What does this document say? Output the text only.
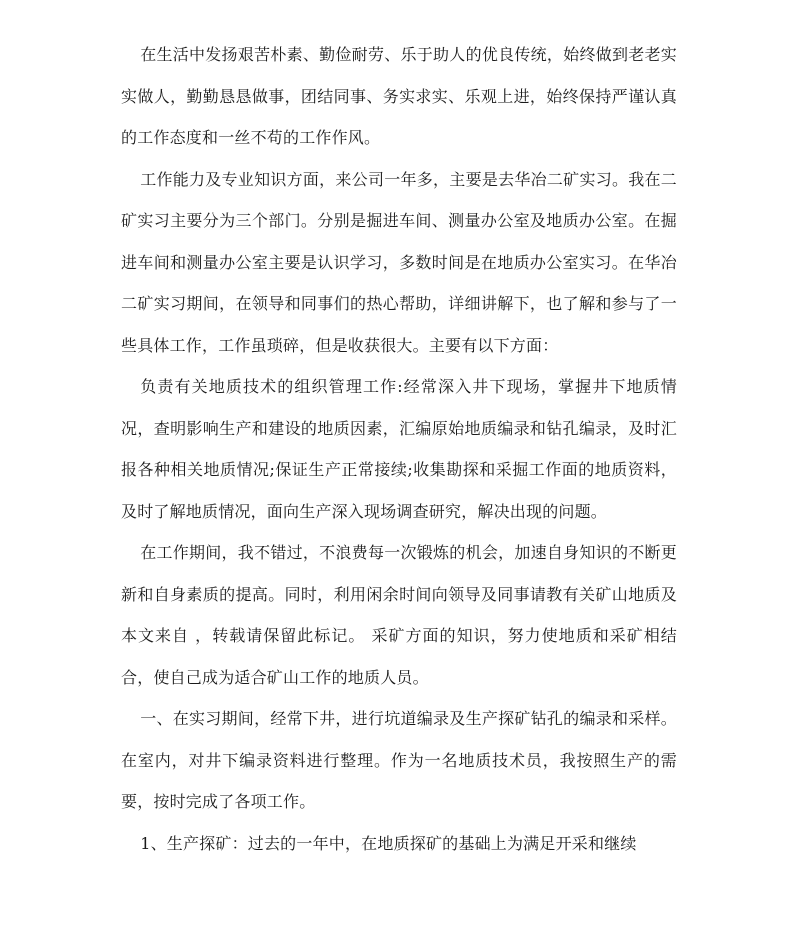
在生活中发扬艰苦朴素、勤俭耐劳、乐于助人的优良传统，始终做到老老实实做人，勤勤恳恳做事，团结同事、务实求实、乐观上进，始终保持严谨认真的工作态度和一丝不苟的工作作风。

工作能力及专业知识方面，来公司一年多，主要是去华冶二矿实习。我在二矿实习主要分为三个部门。分别是掘进车间、测量办公室及地质办公室。在掘进车间和测量办公室主要是认识学习，多数时间是在地质办公室实习。在华冶二矿实习期间，在领导和同事们的热心帮助，详细讲解下，也了解和参与了一些具体工作，工作虽琐碎，但是收获很大。主要有以下方面：

负责有关地质技术的组织管理工作:经常深入井下现场，掌握井下地质情况，查明影响生产和建设的地质因素，汇编原始地质编录和钻孔编录，及时汇报各种相关地质情况;保证生产正常接续;收集勘探和采掘工作面的地质资料，及时了解地质情况，面向生产深入现场调查研究，解决出现的问题。

在工作期间，我不错过，不浪费每一次锻炼的机会，加速自身知识的不断更新和自身素质的提高。同时，利用闲余时间向领导及同事请教有关矿山地质及 本文来自 ，转载请保留此标记。 采矿方面的知识，努力使地质和采矿相结合，使自己成为适合矿山工作的地质人员。

一、在实习期间，经常下井，进行坑道编录及生产探矿钻孔的编录和采样。在室内，对井下编录资料进行整理。作为一名地质技术员，我按照生产的需要，按时完成了各项工作。

1、生产探矿：过去的一年中，在地质探矿的基础上为满足开采和继续
